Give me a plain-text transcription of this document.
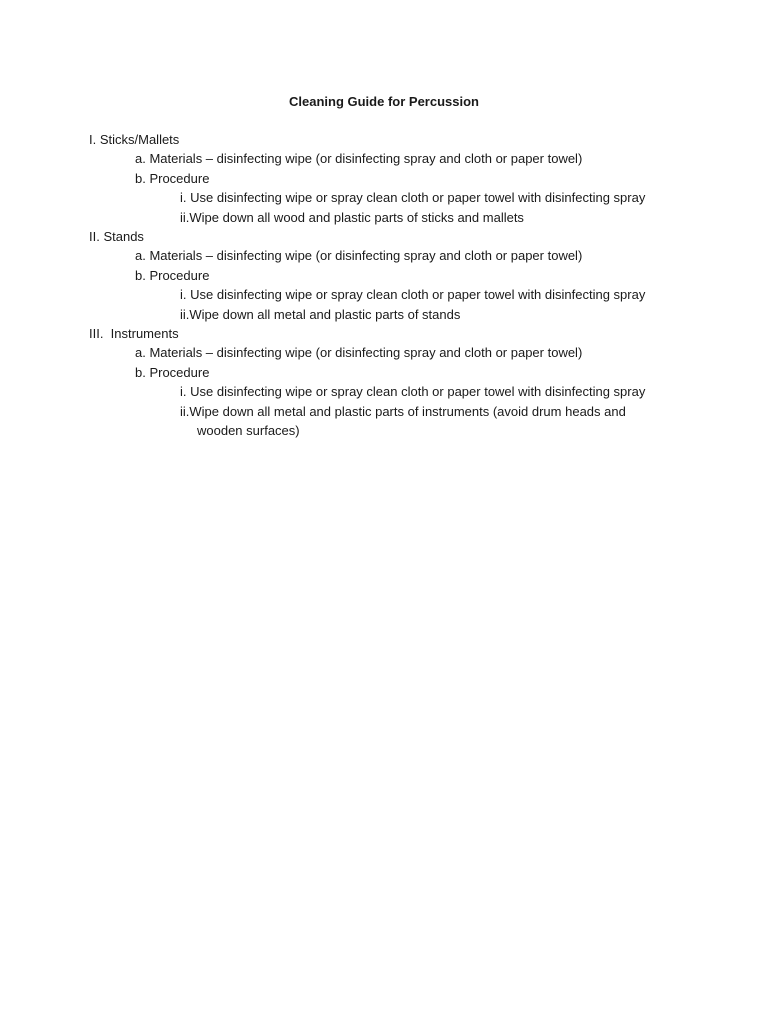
Cleaning Guide for Percussion
I. Sticks/Mallets
a. Materials – disinfecting wipe (or disinfecting spray and cloth or paper towel)
b. Procedure
i. Use disinfecting wipe or spray clean cloth or paper towel with disinfecting spray
ii.Wipe down all wood and plastic parts of sticks and mallets
II. Stands
a. Materials – disinfecting wipe (or disinfecting spray and cloth or paper towel)
b. Procedure
i. Use disinfecting wipe or spray clean cloth or paper towel with disinfecting spray
ii.Wipe down all metal and plastic parts of stands
III.  Instruments
a. Materials – disinfecting wipe (or disinfecting spray and cloth or paper towel)
b. Procedure
i. Use disinfecting wipe or spray clean cloth or paper towel with disinfecting spray
ii.Wipe down all metal and plastic parts of instruments (avoid drum heads and
wooden surfaces)
